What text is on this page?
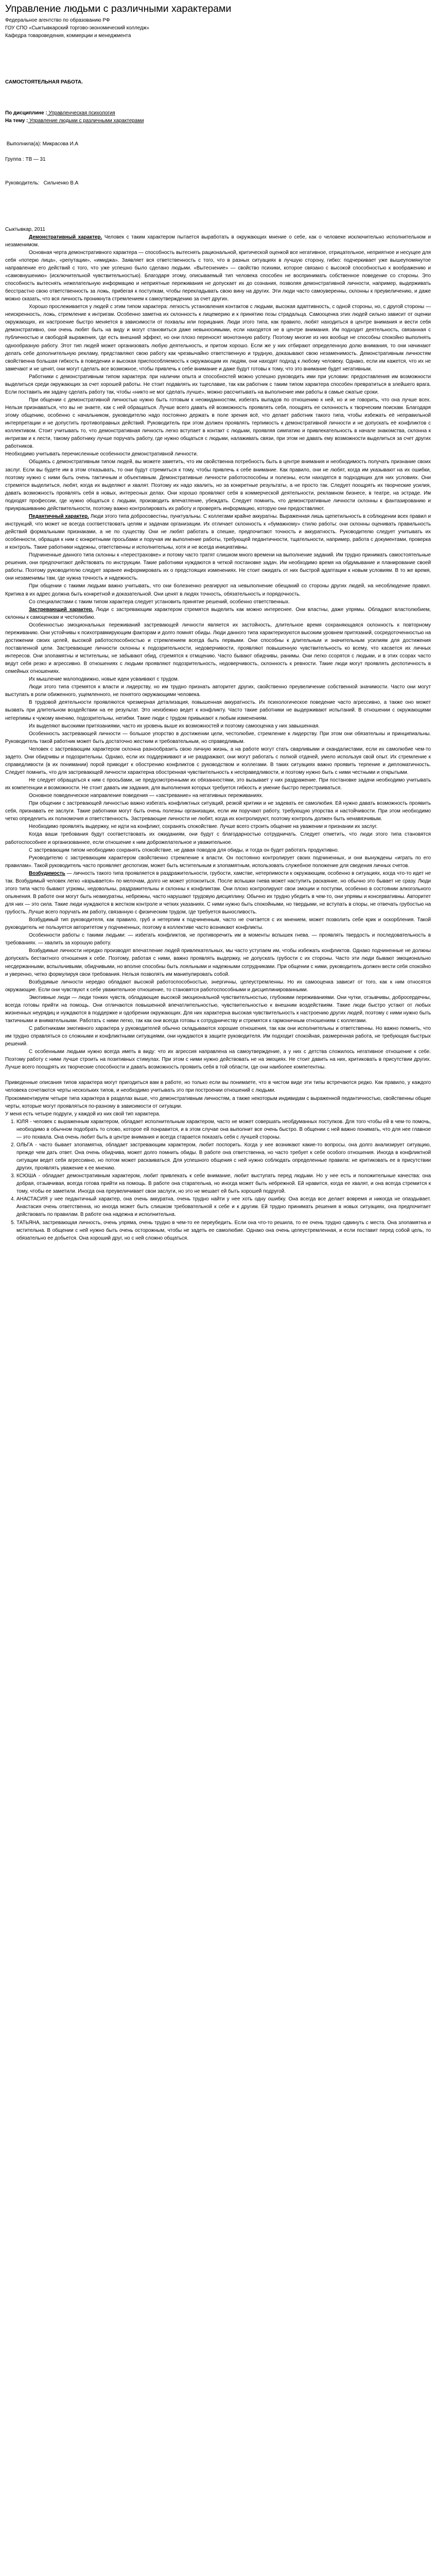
Управление людьми с различными характерами
Федеральное агентство по образованию РФ
ГОУ СПО «Сыктывкарский торгово-экономический колледж»
Кафедра товароведения, коммерции и менеджмента
САМОСТОЯТЕЛЬНАЯ РАБОТА.
По дисциплине : Управленческая психология
На тему : Управление людьми с различными характерами
Выполнила(а): Микрасова И.А
Группа : ТВ — 31
Руководитель: Сильченко В.А
Сыктывкар, 2011

Демонстративный характер. Человек с таким характером пытается выработать в окружающих мнение о себе, как о человеке исключительно исполнительном и незаменимом.

Основная черта демонстративного характера — способность вытеснять рациональной, критической оценкой все негативное, отрицательное, неприятное и несущее для себя «потерю лица», «репутации», «имиджа». Заявляет вся ответственность с того, что в разных ситуациях в лучшую сторону, гибко: подчеркивает уже вышеупомянутое направление его действий с того, что уже успешно было сделано людьми. «Вытеснение» — свойство психики, которое связано с высокой способностью к воображению и «самовнушению» (исключительной чувствительностью). Благодаря этому, описываемый тип человека способен не воспринимать собственное поведение со стороны. Это способность вытеснять нежелательную информацию и неприятные переживания не допускает их до сознания, позволяя демонстративной личности, например, выдерживать бесстрастно свою ответственность за ложь, прибегая к поступкам, чтобы перекладывать свою вину на других. Эти люди часто самоуверенны, склонны к преувеличению, и даже можно сказать, что вся личность проникнута стремлением к самоутверждению за счет других.

Хорошо прослеживается у людей с этим типом характера: легкость установления контактов с людьми, высокая адаптивность, с одной стороны, но, с другой стороны — неискренность, ложь, стремление к интригам. Особенно заметна их склонность к лицемерию и к принятию позы страдальца. Самооценка этих людей сильно зависит от оценки окружающих, их настроение быстро меняется в зависимости от похвалы или порицания. Люди этого типа, как правило, любят находиться в центре внимания и вести себя демонстративно, они очень любят быть на виду и могут становиться даже невыносимыми, если находятся не в центре внимания. Им подходит деятельность, связанная с публичностью и свободой выражения, где есть внешний эффект, но они плохо переносят монотонную работу. Поэтому многие из них вообще не способны спокойно выполнять однообразную работу. Этот тип людей может организовать любую деятельность, и притом хорошо. Если же у них отбирают определенную долю внимания, то они начинают делать себе дополнительную рекламу, представляют свою работу как чрезвычайно ответственную и трудную, доказывают свою незаменимость. Демонстративным личностям свойственна большая гибкость в поведении и высокая приспособляемость к окружающим их людям, они находят подход к любому человеку. Однако, если им кажется, что их не замечают и не ценят, они могут сделать все возможное, чтобы привлечь к себе внимание и даже будут готовы к тому, что это внимание будет негативным.

Работники с демонстративным типом характера: при наличии опыта и способностей можно успешно руководить ими при условии: предоставления им возможности выделиться среди окружающих за счет хорошей работы. Не стоит подавлять их тщеславие, так как работник с таким типом характера способен превратиться в злейшего врага. Если поставить им задачу сделать работу так, чтобы «никто не мог сделать лучше», можно рассчитывать на выполнение ими работы в самые сжатые сроки.

При общении с демонстративной личностью нужно быть готовым к неожиданностям, избегать выпадов по отношению к ней, но и не говорить, что она лучше всех. Нельзя признаваться, что вы не знаете, как с ней обращаться. Лучше всего давать ей возможность проявлять себя, поощрять ее склонность к творческим поискам. Благодаря этому общению, особенно с начальником, руководителю надо постоянно держать в поле зрения всё, что делает работник такого типа, чтобы избежать её неправильной интерпретации и не допустить противоправных действий. Руководитель при этом должен проявлять терпимость к демонстративной личности и не допускать её конфликтов с коллективом. Стоит учитывать то, что демонстративная личность легко вступает в контакт с людьми, проявляя симпатию и привлекательность в начале знакомства, склонна к интригам и к лести, такому работнику лучше поручать работу, где нужно общаться с людьми, налаживать связи, при этом не давать ему возможности выделиться за счет других работников.

Необходимо учитывать перечисленные особенности демонстративной личности.

Общаясь с демонстративным типом людей, вы можете заметить, что им свойственна потребность быть в центре внимания и необходимость получать признание своих заслуг. Если вы будете им в этом отказывать, то они будут стремиться к тому, чтобы привлечь к себе внимание. Как правило, они не любят, когда им указывают на их ошибки, поэтому нужно с ними быть очень тактичным и объективным. Демонстративные личности работоспособны и полезны, если находятся в подходящих для них условиях. Они стремятся выделиться, любят, когда их выделяют и хвалят. Поэтому их надо хвалить, но за конкретные результаты, а не просто так. Следует поощрять их творческие усилия, давать возможность проявлять себя в новых, интересных делах. Они хорошо проявляют себя в коммерческой деятельности, рекламном бизнесе, в театре, на эстраде. Им подходят профессии, где нужно общаться с людьми, производить впечатление, убеждать. Следует помнить, что демонстративные личности склонны к фантазированию и приукрашиванию действительности, поэтому важно контролировать их работу и проверять информацию, которую они предоставляют.

Педантичный характер. Люди этого типа добросовестны, пунктуальны. С коллегами крайне аккуратны. Выраженная лишь щепетильность в соблюдении всех правил и инструкций, что может не всегда соответствовать целям и задачам организации. Их отличает склонность к «бумажному» стилю работы: они склонны оценивать правильность действий формальными признаками, а не по существу. Они не любят работать в спешке, предпочитают точность и аккуратность. Руководителю следует учитывать их особенности, обращая к ним с конкретными просьбами и поручая им выполнение работы, требующей педантичности, тщательности, например, работа с документами, проверка и контроль. Такие работники надежны, ответственны и исполнительны, хотя и не всегда инициативны.

Подчиненные данного типа склонны к «перестраховке» и потому часто тратят слишком много времени на выполнение заданий. Им трудно принимать самостоятельные решения, они предпочитают действовать по инструкции. Такие работники нуждаются в четкой постановке задач. Им необходимо время на обдумывание и планирование своей работы. Поэтому руководителю следует заранее информировать их о предстоящих изменениях. Не стоит ожидать от них быстрой адаптации к новым условиям. В то же время, они незаменимы там, где нужна точность и надежность.

При общении с такими людьми важно учитывать, что они болезненно реагируют на невыполнение обещаний со стороны других людей, на несоблюдение правил. Критика в их адрес должна быть конкретной и доказательной. Они ценят в людях точность, обязательность и порядочность.

Со специалистами с таким типом характера следует установить принятие решений, особенно ответственных.

Застревающий характер. Люди с застревающим характером стремятся выделить как можно интереснее. Они властны, даже упрямы. Обладают властолюбием, склонны к самоценкам и честолюбию.

Особенностью эмоциональных переживаний застревающей личности является их застойность, длительное время сохраняющаяся склонность к повторному переживанию. Они устойчивы к психотравмирующим факторам и долго помнят обиды. Люди данного типа характеризуются высоким уровнем притязаний, сосредоточенностью на достижении своих целей, высокой работоспособностью и стремлением всегда быть первыми. Они способны к длительным и значительным усилиям для достижения поставленной цели. Застревающие личности склонны к подозрительности, недоверчивости, проявляют повышенную чувствительность ко всему, что касается их личных интересов. Они злопамятны и мстительны, не забывают обид, стремятся к отмщению. Часто бывают обидчивы, ранимы. Они легко ссорятся с людьми, и в этих ссорах часто ведут себя резко и агрессивно. В отношениях с людьми проявляют подозрительность, недоверчивость, склонность к ревности. Такие люди могут проявлять деспотичность в семейных отношениях.

Их мышление малоподвижно, новые идеи усваивают с трудом.

Люди этого типа стремятся к власти и лидерству, но им трудно признать авторитет других, свойственно преувеличение собственной значимости. Часто они могут выступать в роли обиженного, ущемленного, не понятого окружающими человека.

В трудовой деятельности проявляются чрезмерная детализация, повышенная аккуратность. Их психологическое поведение часто агрессивно, а также оно может вызвать при длительном воздействии на ее результат. Это неизбежно ведет к конфликту. Часто такие работники не выдерживают испытаний. В отношении с окружающими нетерпимы к чужому мнению, подозрительны, негибки. Такие люди с трудом привыкают к любым изменениям.

Их выделяют высокими притязаниями, часто их уровень выше их возможностей и поэтому самооценка у них завышенная.

Особенность застревающей личности — большое упорство в достижении цели, честолюбие, стремление к лидерству. При этом они обязательны и принципиальны. Руководитель такой работник может быть достаточно жестким и требовательным, но справедливым.

Человек с застревающим характером склонна разнообразить свою личную жизнь, а на работе могут стать сварливыми и скандалистами, если их самолюбие чем-то задето. Они обидчивы и подозрительны. Однако, если их поддерживают и не раздражают, они могут работать с полной отдачей, умело используя свой опыт. Их стремление к справедливости (в их понимании) порой приводит к обострению конфликтов с руководством и коллегами. В таких ситуациях важно проявить терпение и дипломатичность. Следует помнить, что для застревающей личности характерна обостренная чувствительность к несправедливости, и поэтому нужно быть с ними честными и открытыми.

Не следует обращаться к ним с просьбами, не предусмотренными их обязанностями, это вызывает у них раздражение. При постановке задачи необходимо учитывать их компетенции и возможности. Не стоит давать им задания, для выполнения которых требуется гибкость и умение быстро перестраиваться.

Основное поведенческое направление поведения — «застревание» на негативных переживаниях.

При общении с застревающей личностью важно избегать конфликтных ситуаций, резкой критики и не задевать ее самолюбия. Ей нужно давать возможность проявить себя, признавать ее заслуги. Такие работники могут быть очень полезны организации, если им поручают работу, требующую упорства и настойчивости. При этом необходимо четко определить их полномочия и ответственность. Застревающие личности не любят, когда их контролируют, поэтому контроль должен быть ненавязчивым.

Необходимо проявлять выдержку, не идти на конфликт, сохранять спокойствие. Лучше всего строить общение на уважении и признании их заслуг.

Когда ваши требования будут соответствовать их ожиданиям, они будут с благодарностью сотрудничать. Следует отметить, что люди этого типа становятся работоспособнее и организованнее, если отношение к ним доброжелательное и уважительное.

С застревающим типом необходимо сохранять спокойствие, не давая поводов для обиды, и тогда он будет работать продуктивно.

Руководителю с застревающим характером свойственно стремление к власти. Он постоянно контролирует своих подчиненных, и они вынуждены «играть по его правилам». Такой руководитель часто проявляет деспотизм, может быть мстительным и злопамятным, использовать служебное положение для сведения личных счетов.

Возбудимость — личность такого типа проявляется в раздражительности, грубости, хамстве, нетерпимости к окружающим, особенно в ситуациях, когда что-то идет не так. Возбудимый человек легко «взрывается» по мелочам, долго не может успокоиться. После вспышки гнева может наступить раскаяние, но обычно это бывает не сразу. Люди этого типа часто бывают угрюмы, недовольны, раздражительны и склонны к конфликтам. Они плохо контролируют свои эмоции и поступки, особенно в состоянии алкогольного опьянения. В работе они могут быть неаккуратны, небрежны, часто нарушают трудовую дисциплину. Обычно их трудно убедить в чем-то, они упрямы и консервативны. Авторитет для них — это сила. Такие люди нуждаются в жестком контроле и четких указаниях. С ними нужно быть спокойными, но твердыми, не вступать в споры, не отвечать грубостью на грубость. Лучше всего поручать им работу, связанную с физическим трудом, где требуется выносливость.

Возбудимый тип руководителя, как правило, груб и нетерпим к подчиненным, часто не считается с их мнением, может позволить себе крик и оскорбления. Такой руководитель не пользуется авторитетом у подчиненных, поэтому в коллективе часто возникают конфликты.

Особенности работы с такими людьми: — избегать конфликтов, не противоречить им в моменты вспышек гнева. — проявлять твердость и последовательность в требованиях. — хвалить за хорошую работу.

Возбудимые личности нередко производят впечатление людей привлекательных, мы часто уступаем им, чтобы избежать конфликтов. Однако подчиненные не должны допускать бестактного отношения к себе. Поэтому, работая с ними, важно проявлять выдержку, не допускать грубости с их стороны. Часто эти люди бывают эмоционально несдержанными, вспыльчивыми, обидчивыми, но вполне способны быть лояльными и надежными сотрудниками. При общении с ними, руководитель должен вести себя спокойно и уверенно, четко формулируя свои требования. Нельзя позволять им манипулировать собой.

Возбудимые личности нередко обладают высокой работоспособностью, энергичны, целеустремленны. Но их самооценка зависит от того, как к ним относятся окружающие. Если они чувствуют к себе уважительное отношение, то становятся работоспособными и дисциплинированными.

Эмотивные люди — люди тонких чувств, обладающие высокой эмоциональной чувствительностью, глубокими переживаниями. Они чутки, отзывчивы, добросердечны, всегда готовы прийти на помощь. Они отличаются повышенной впечатлительностью, чувствительностью к внешним воздействиям. Такие люди быстро устают от любых жизненных неурядиц и нуждаются в поддержке и одобрении окружающих. Для них характерна высокая чувствительность к настроению других людей, поэтому с ними нужно быть тактичными и внимательными. Работать с ними легко, так как они всегда готовы к сотрудничеству и стремятся к гармоничным отношениям с коллегами.

С работниками эмотивного характера у руководителей обычно складываются хорошие отношения, так как они исполнительны и ответственны. Но важно помнить, что им трудно справляться со сложными и конфликтными ситуациями, они нуждаются в защите руководителя. Им подходит спокойная, размеренная работа, не требующая быстрых решений.

С особенными людьми нужно всегда иметь в виду: что их агрессия направлена на самоутверждение, а у них с детства сложилось негативное отношение к себе. Поэтому работу с ними лучше строить на позитивных стимулах. При этом с ними нужно действовать не на эмоциях. Не стоит давить на них, критиковать в присутствии других. Лучше всего поощрять их творческие способности и давать возможность проявить себя в той области, где они наиболее компетентны.

Приведенные описания типов характера могут пригодиться вам в работе, но только если вы понимаете, что в чистом виде эти типы встречаются редко. Как правило, у каждого человека сочетаются черты нескольких типов, и необходимо учитывать это при построении отношений с людьми.

Прокомментируем четыре типа характера в разделах выше, что демонстративным личностям, а также некоторым индивидам с выраженной педантичностью, свойственны общие черты, которые могут проявляться по-разному в зависимости от ситуации.

У меня есть четыре подруги, у каждой из них свой тип характера.

1. ЮЛЯ - человек с выраженным характером, обладает исполнительным характером, часто не может совершать необдуманных поступков. Для того чтобы ей в чем-то помочь, необходимо в обычном подобрать то слово, которое ей понравится, и в этом случае она выполнит все очень быстро. В общении с ней важно понимать, что для нее главное — это похвала. Она очень любит быть в центре внимания и всегда старается показать себя с лучшей стороны.
2. ОЛЬГА - часто бывает злопамятна, обладает застревающим характером, любит поспорить. Когда у нее возникают какие-то вопросы, она долго анализирует ситуацию, прежде чем дать ответ. Она очень обидчива, может долго помнить обиды. В работе она ответственна, но часто требует к себе особого отношения. Иногда в конфликтной ситуации ведет себя агрессивно, но потом может раскаиваться. Для успешного общения с ней нужно соблюдать определенные правила: не критиковать ее в присутствии других, проявлять уважение к ее мнению.
3. КСЮША - обладает демонстративным характером, любит привлекать к себе внимание, любит выступать перед людьми. Но у нее есть и положительные качества: она добрая, отзывчивая, всегда готова прийти на помощь. В работе она старательна, но иногда может быть небрежной. Ей нравится, когда ее хвалят, и она всегда стремится к тому, чтобы ее заметили. Иногда она преувеличивает свои заслуги, но это не мешает ей быть хорошей подругой.
4. АНАСТАСИЯ у нее педантичный характер, она очень аккуратна, очень трудно найти у нее хоть одну ошибку. Она всегда все делает вовремя и никогда не опаздывает. Анастасия очень ответственна, но иногда может быть слишком требовательной к себе и к другим. Ей трудно принимать решения в новых ситуациях, она предпочитает действовать по правилам. В работе она надежна и исполнительна.
5. ТАТЬЯНА, застревающая личность, очень упряма, очень трудно в чем-то ее переубедить. Если она что-то решила, то ее очень трудно сдвинуть с места. Она злопамятна и мстительна. В общении с ней нужно быть очень осторожным, чтобы не задеть ее самолюбие. Однако она очень целеустремленная, и если поставит перед собой цель, то обязательно ее добьется. Она хороший друг, но с ней сложно общаться.
